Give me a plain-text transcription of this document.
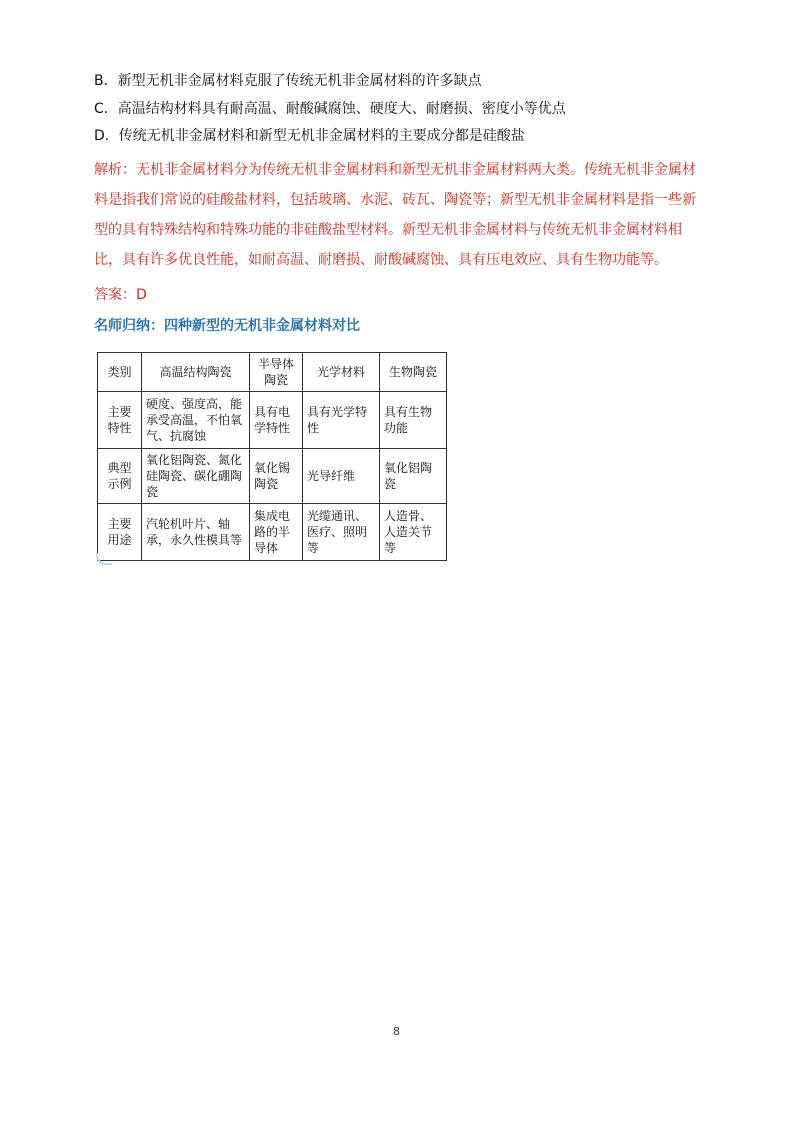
B．新型无机非金属材料克服了传统无机非金属材料的许多缺点
C．高温结构材料具有耐高温、耐酸碱腐蚀、硬度大、耐磨损、密度小等优点
D．传统无机非金属材料和新型无机非金属材料的主要成分都是硅酸盐
解析：无机非金属材料分为传统无机非金属材料和新型无机非金属材料两大类。传统无机非金属材料是指我们常说的硅酸盐材料，包括玻璃、水泥、砖瓦、陶瓷等；新型无机非金属材料是指一些新型的具有特殊结构和特殊功能的非硅酸盐型材料。新型无机非金属材料与传统无机非金属材料相比，具有许多优良性能，如耐高温、耐磨损、耐酸碱腐蚀、具有压电效应、具有生物功能等。
答案：D
名师归纳：四种新型的无机非金属材料对比
类别	高温结构陶瓷	半导体陶瓷	光学材料	生物陶瓷
主要特性	硬度、强度高，能承受高温，不怕氧气、抗腐蚀	具有电学特性	具有光学特性	具有生物功能
典型示例	氧化铝陶瓷、氮化硅陶瓷、碳化硼陶瓷	氧化锡陶瓷	光导纤维	氧化铝陶瓷
主要用途	汽轮机叶片、轴承，永久性模具等	集成电路的半导体	光缆通讯、医疗、照明等	人造骨、人造关节等
8
